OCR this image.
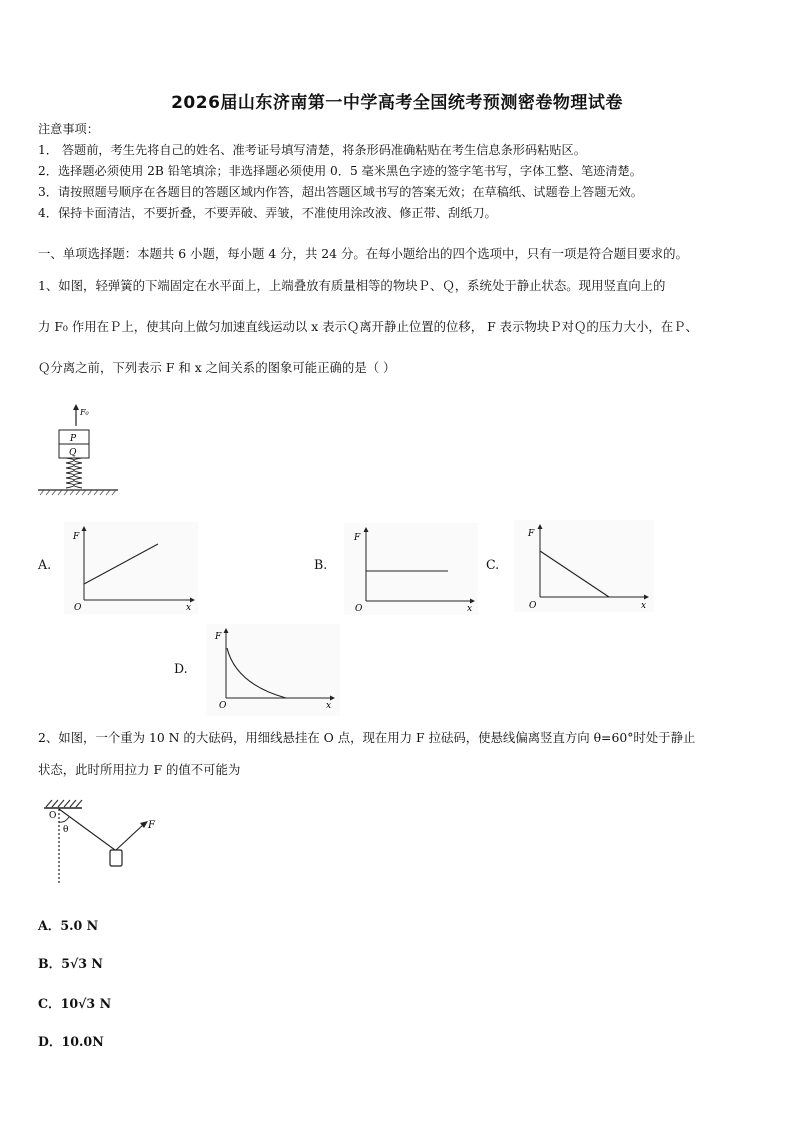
2026届山东济南第一中学高考全国统考预测密卷物理试卷
注意事项：
1． 答题前，考生先将自己的姓名、准考证号填写清楚，将条形码准确粘贴在考生信息条形码粘贴区。
2．选择题必须使用 2B 铅笔填涂；非选择题必须使用 0．5 毫米黑色字迹的签字笔书写，字体工整、笔迹清楚。
3．请按照题号顺序在各题目的答题区域内作答，超出答题区域书写的答案无效；在草稿纸、试题卷上答题无效。
4．保持卡面清洁，不要折叠，不要弄破、弄皱，不准使用涂改液、修正带、刮纸刀。
一、单项选择题：本题共 6 小题，每小题 4 分，共 24 分。在每小题给出的四个选项中，只有一项是符合题目要求的。
1、如图，轻弹簧的下端固定在水平面上，上端叠放有质量相等的物块Ｐ、Ｑ，系统处于静止状态。现用竖直向上的
力 F₀ 作用在Ｐ上，使其向上做匀加速直线运动以 x 表示Ｑ离开静止位置的位移， F 表示物块Ｐ对Ｑ的压力大小，在Ｐ、
Ｑ分离之前，下列表示 F 和 x 之间关系的图象可能正确的是（ ）
F₀
P
Q
A.
F
x
O
B.
F
x
O
C.
F
x
O
D.
F
x
O
2、如图，一个重为 10 N 的大砝码，用细线悬挂在 O 点，现在用力 F 拉砝码，使悬线偏离竖直方向 θ=60°时处于静止
状态，此时所用拉力 F 的值不可能为
O
θ	F
A．5.0 N
B．5√3 N
C．10√3 N
D．10.0N
